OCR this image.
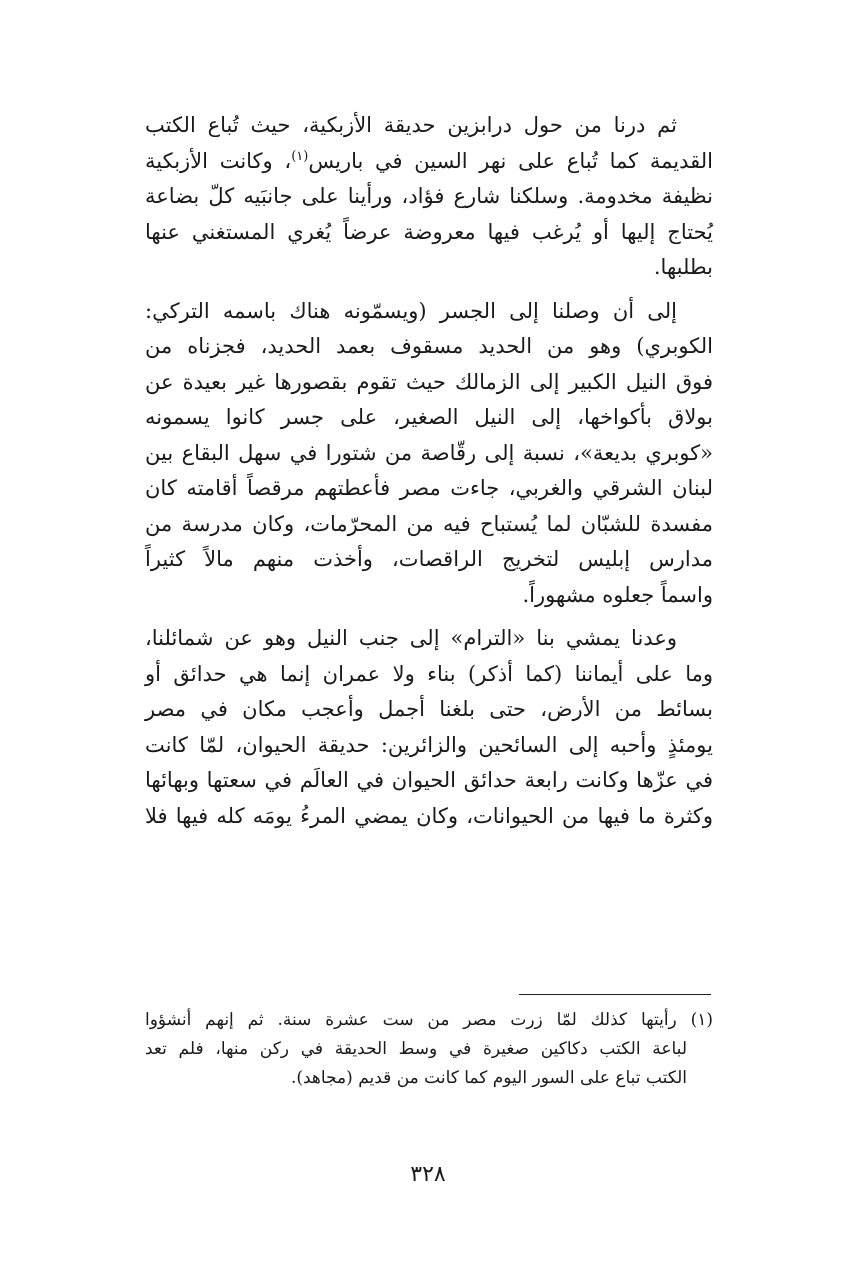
ثم درنا من حول درابزين حديقة الأزبكية، حيث تُباع الكتب
القديمة كما تُباع على نهر السين في باريس$^{(١)}$، وكانت الأزبكية
نظيفة مخدومة. وسلكنا شارع فؤاد، ورأينا على جانبَيه كلّ بضاعة
يُحتاج إليها أو يُرغب فيها معروضة عرضاً يُغري المستغني عنها
بطلبها.

إلى أن وصلنا إلى الجسر (ويسمّونه هناك باسمه التركي:
الكوبري) وهو من الحديد مسقوف بعمد الحديد، فجزناه من
فوق النيل الكبير إلى الزمالك حيث تقوم بقصورها غير بعيدة عن
بولاق بأكواخها، إلى النيل الصغير، على جسر كانوا يسمونه
«كوبري بديعة»، نسبة إلى رقّاصة من شتورا في سهل البقاع بين
لبنان الشرقي والغربي، جاءت مصر فأعطتهم مرقصاً أقامته كان
مفسدة للشبّان لما يُستباح فيه من المحرّمات، وكان مدرسة من
مدارس إبليس لتخريج الراقصات، وأخذت منهم مالاً كثيراً
واسماً جعلوه مشهوراً.

وعدنا يمشي بنا «الترام» إلى جنب النيل وهو عن شمائلنا،
وما على أيماننا (كما أذكر) بناء ولا عمران إنما هي حدائق أو
بسائط من الأرض، حتى بلغنا أجمل وأعجب مكان في مصر
يومئذٍ وأحبه إلى السائحين والزائرين: حديقة الحيوان، لمّا كانت
في عزّها وكانت رابعة حدائق الحيوان في العالَم في سعتها وبهائها
وكثرة ما فيها من الحيوانات، وكان يمضي المرءُ يومَه كله فيها فلا

(١) رأيتها كذلك لمّا زرت مصر من ست عشرة سنة. ثم إنهم أنشؤوا
لباعة الكتب دكاكين صغيرة في وسط الحديقة في ركن منها، فلم تعد
الكتب تباع على السور اليوم كما كانت من قديم (مجاهد).
٣٢٨
